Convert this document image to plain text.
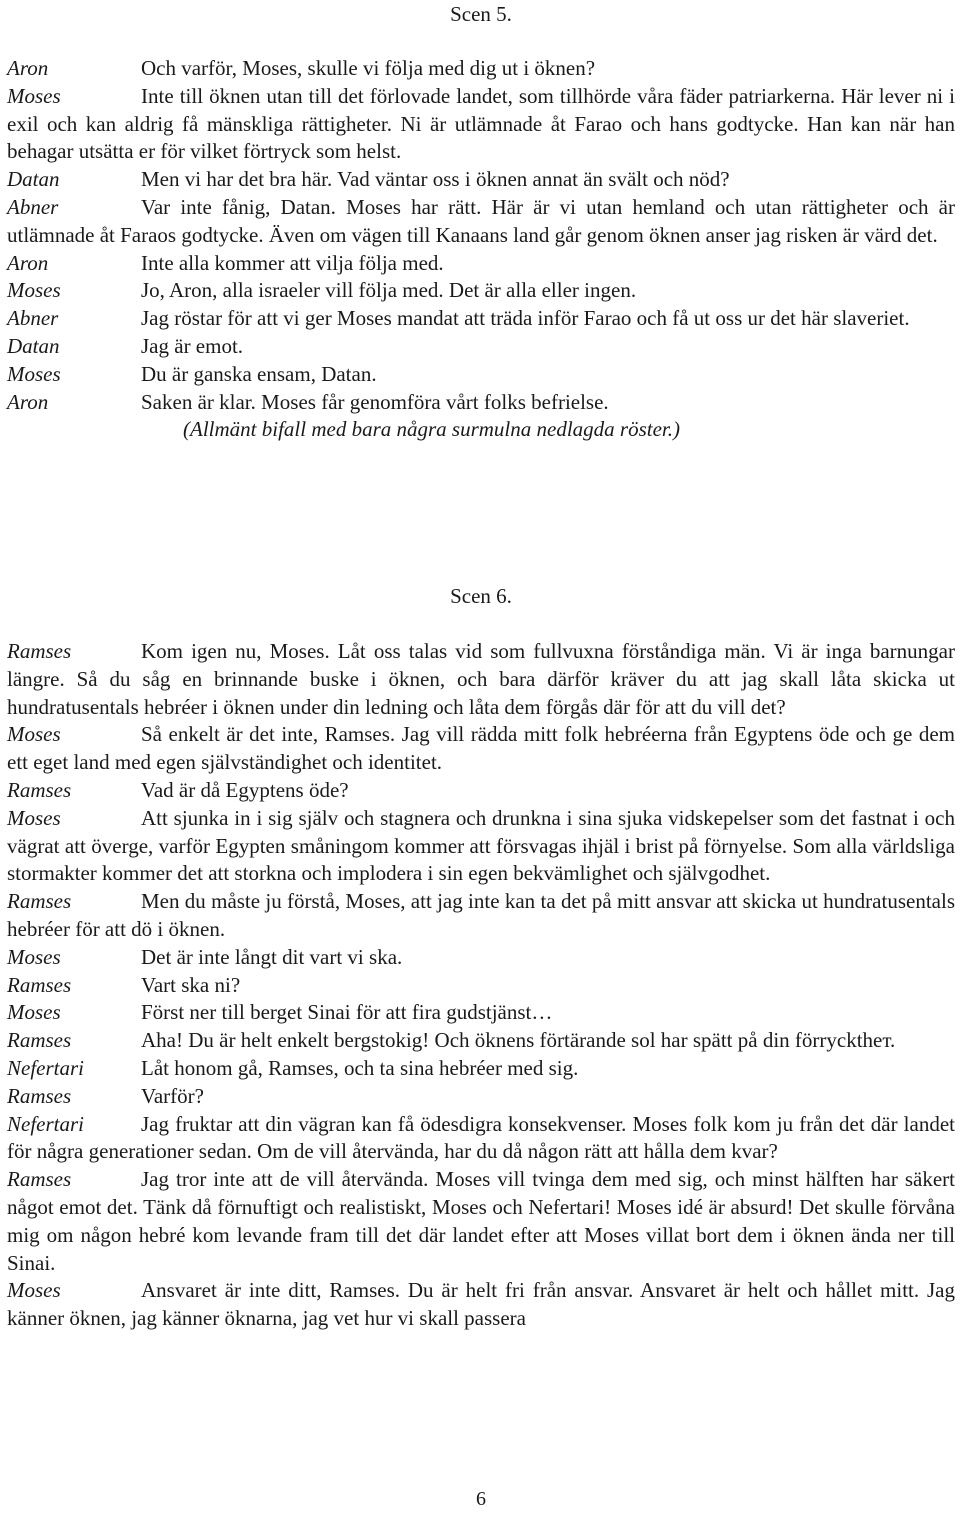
Scen 5.

Aron	Och varför, Moses, skulle vi följa med dig ut i öknen?

Moses	Inte till öknen utan till det förlovade landet, som tillhörde våra fäder patriarkerna. Här lever ni i exil och kan aldrig få mänskliga rättigheter. Ni är utlämnade åt Farao och hans godtycke. Han kan när han behagar utsätta er för vilket förtryck som helst.

Datan	Men vi har det bra här. Vad väntar oss i öknen annat än svält och nöd?

Abner	Var inte fånig, Datan. Moses har rätt. Här är vi utan hemland och utan rättigheter och är utlämnade åt Faraos godtycke. Även om vägen till Kanaans land går genom öknen anser jag risken är värd det.

Aron	Inte alla kommer att vilja följa med.

Moses	Jo, Aron, alla israeler vill följa med. Det är alla eller ingen.

Abner	Jag röstar för att vi ger Moses mandat att träda inför Farao och få ut oss ur det här slaveriet.

Datan	Jag är emot.

Moses	Du är ganska ensam, Datan.

Aron	Saken är klar. Moses får genomföra vårt folks befrielse.

(Allmänt bifall med bara några surmulna nedlagda röster.)

Scen 6.

Ramses	Kom igen nu, Moses. Låt oss talas vid som fullvuxna förståndiga män. Vi är inga barnungar längre. Så du såg en brinnande buske i öknen, och bara därför kräver du att jag skall låta skicka ut hundratusentals hebréer i öknen under din ledning och låta dem förgås där för att du vill det?

Moses	Så enkelt är det inte, Ramses. Jag vill rädda mitt folk hebréerna från Egyptens öde och ge dem ett eget land med egen självständighet och identitet.

Ramses	Vad är då Egyptens öde?

Moses	Att sjunka in i sig själv och stagnera och drunkna i sina sjuka vidskepelser som det fastnat i och vägrat att överge, varför Egypten småningom kommer att försvagas ihjäl i brist på förnyelse. Som alla världsliga stormakter kommer det att storkna och implodera i sin egen bekvämlighet och självgodhet.

Ramses	Men du måste ju förstå, Moses, att jag inte kan ta det på mitt ansvar att skicka ut hundratusentals hebréer för att dö i öknen.

Moses	Det är inte långt dit vart vi ska.

Ramses	Vart ska ni?

Moses	Först ner till berget Sinai för att fira gudstjänst…

Ramses	Aha! Du är helt enkelt bergstokig! Och öknens förtärande sol har spätt på din förrycktheт.

Nefertari	Låt honom gå, Ramses, och ta sina hebréer med sig.

Ramses	Varför?

Nefertari	Jag fruktar att din vägran kan få ödesdigra konsekvenser. Moses folk kom ju från det där landet för några generationer sedan. Om de vill återvända, har du då någon rätt att hålla dem kvar?

Ramses	Jag tror inte att de vill återvända. Moses vill tvinga dem med sig, och minst hälften har säkert något emot det. Tänk då förnuftigt och realistiskt, Moses och Nefertari! Moses idé är absurd! Det skulle förvåna mig om någon hebré kom levande fram till det där landet efter att Moses villat bort dem i öknen ända ner till Sinai.

Moses	Ansvaret är inte ditt, Ramses. Du är helt fri från ansvar. Ansvaret är helt och hållet mitt. Jag känner öknen, jag känner öknarna, jag vet hur vi skall passera

6
